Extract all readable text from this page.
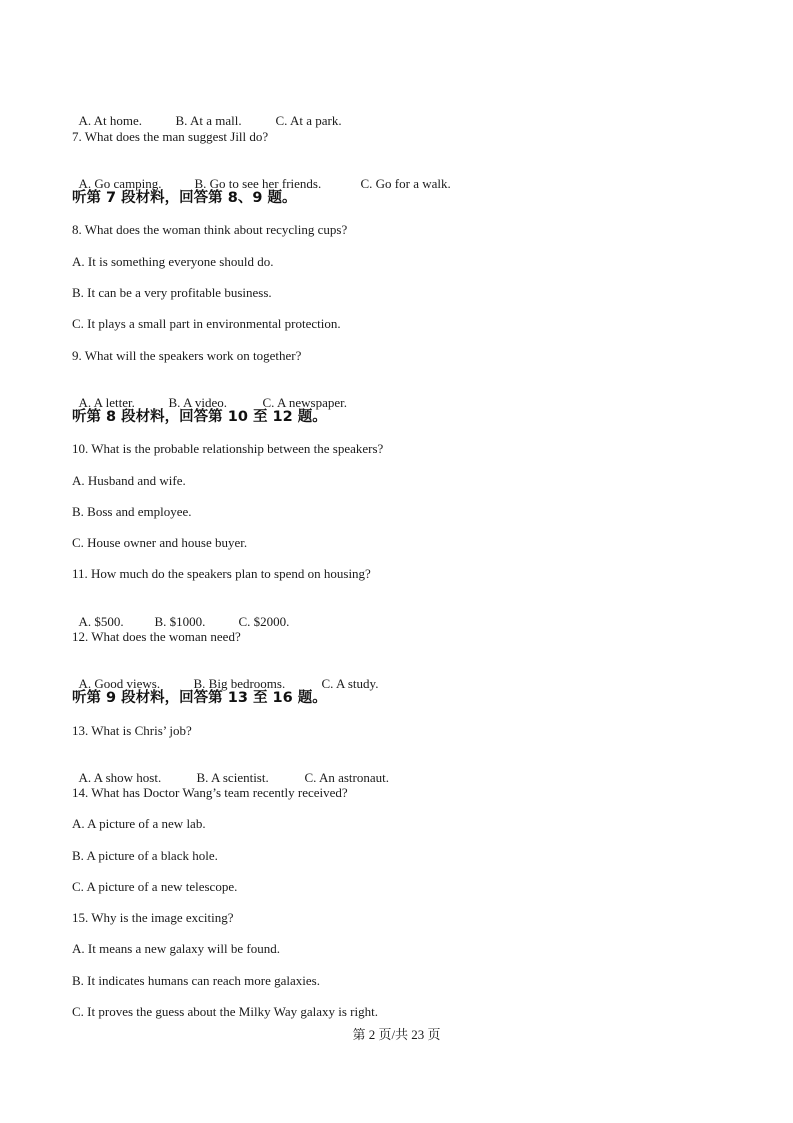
A. At home.	B. At a mall.	C. At a park.

7. What does the man suggest Jill do?

A. Go camping.	B. Go to see her friends.	C. Go for a walk.

听第 7 段材料，回答第 8、9 题。
8. What does the woman think about recycling cups?
A. It is something everyone should do.
B. It can be a very profitable business.
C. It plays a small part in environmental protection.
9. What will the speakers work on together?

A. A letter.	B. A video.	C. A newspaper.

听第 8 段材料，回答第 10 至 12 题。
10. What is the probable relationship between the speakers?
A. Husband and wife.
B. Boss and employee.
C. House owner and house buyer.
11. How much do the speakers plan to spend on housing?

A. $500. B. $1000.	C. $2000.

12. What does the woman need?

A. Good views.	B. Big bedrooms.	C. A study.

听第 9 段材料，回答第 13 至 16 题。
13. What is Chris’ job?

A. A show host.	B. A scientist.	C. An astronaut.

14. What has Doctor Wang’s team recently received?
A. A picture of a new lab.
B. A picture of a black hole.
C. A picture of a new telescope.
15. Why is the image exciting?
A. It means a new galaxy will be found.
B. It indicates humans can reach more galaxies.
C. It proves the guess about the Milky Way galaxy is right.
第 2 页/共 23 页
